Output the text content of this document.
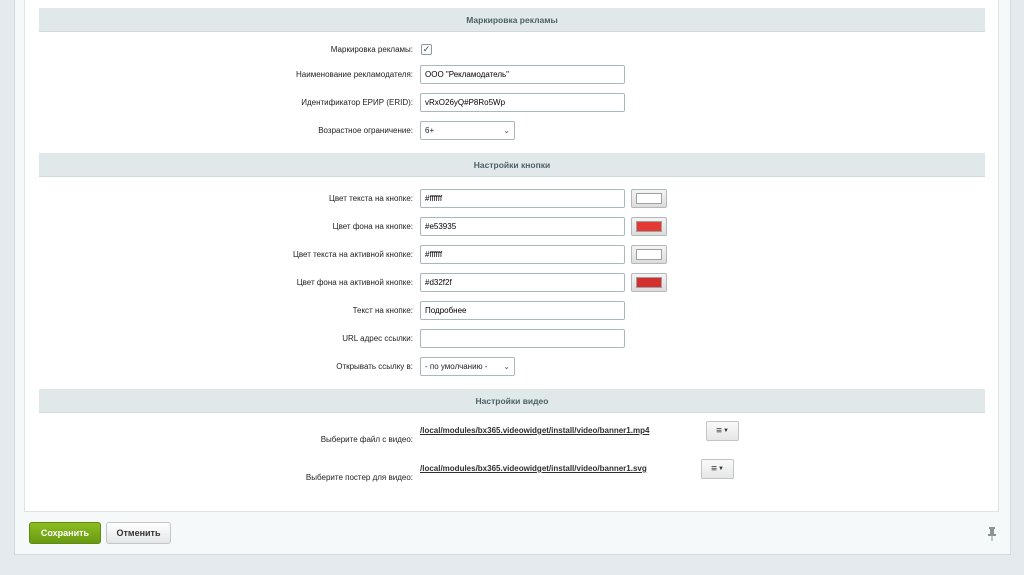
Маркировка рекламы
Маркировка рекламы: ✓
Наименование рекламодателя:	ООО "Рекламодатель"
Идентификатор ЕРИР (ERID):	vRxO26yQ#P8Ro5Wp
Возрастное ограничение:	6+	⌄
Настройки кнопки
Цвет текста на кнопке:	#ffffff
Цвет фона на кнопке:	#e53935
Цвет текста на активной кнопке:	#ffffff
Цвет фона на активной кнопке:	#d32f2f
Текст на кнопке:	Подробнее
URL адрес ссылки:
Открывать ссылку в:	- по умолчанию - ⌄
Настройки видео
Выберите файл с видео:
/local/modules/bx365.videowidget/install/video/banner1.mp4	≡▼
Выберите постер для видео:
/local/modules/bx365.videowidget/install/video/banner1.svg	≡▼
Сохранить	Отменить
